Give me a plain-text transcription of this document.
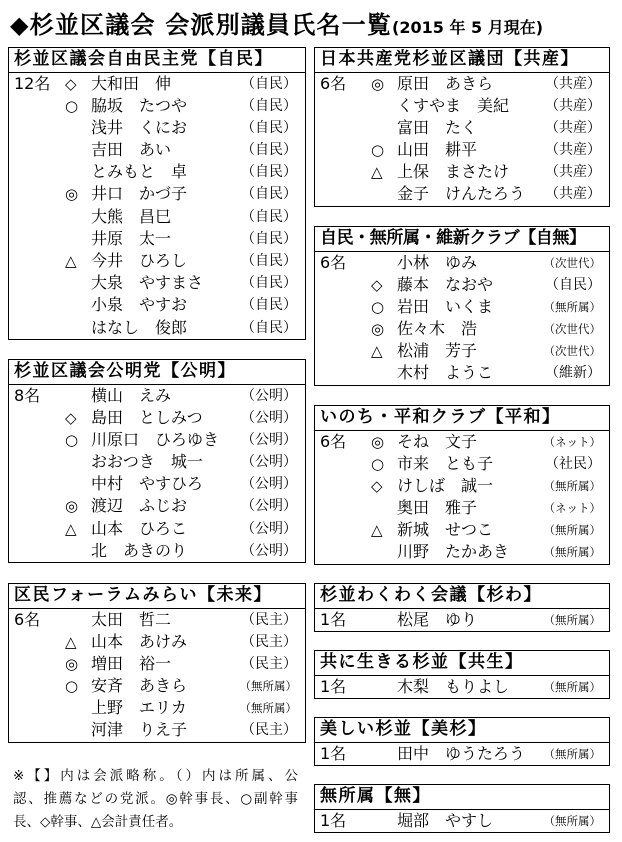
◆杉並区議会 会派別議員氏名一覧(2015 年 5 月現在)
杉並区議会自由民主党【自民】
12名 ◇ 大和田　伸	（自民）
○ 脇坂　たつや	（自民）
浅井　くにお	（自民）
吉田　あい	（自民）
とみもと　卓	（自民）
◎ 井口　かづ子	（自民）
大熊　昌巳	（自民）
井原　太一	（自民）
△ 今井　ひろし	（自民）
大泉　やすまさ	（自民）
小泉　やすお	（自民）
はなし　俊郎	（自民）
杉並区議会公明党【公明】
8名	横山　えみ	（公明）
◇ 島田　としみつ	（公明）
○ 川原口　ひろゆき （公明）
おおつき　城一	（公明）
中村　やすひろ	（公明）
◎ 渡辺　ふじお	（公明）
△ 山本　ひろこ	（公明）
北　あきのり	（公明）
区民フォーラムみらい【未来】
6名	太田　哲二	（民主）
△ 山本　あけみ	（民主）
◎ 増田　裕一	（民主）
○ 安斉　あきら	（無所属）
上野　エリカ	（無所属）
河津　りえ子	（民主）
日本共産党杉並区議団【共産】
6名 ◎ 原田　あきら	（共産）
くすやま　美紀	（共産）
富田　たく	（共産）
○ 山田　耕平	（共産）
△ 上保　まさたけ	（共産）
金子　けんたろう （共産）
自民・無所属・維新クラブ【自無】
6名	小林　ゆみ	（次世代）
◇ 藤本　なおや	（自民）
○ 岩田　いくま	（無所属）
◎ 佐々木　浩	（次世代）
△ 松浦　芳子	（次世代）
木村　ようこ	（維新）
いのち・平和クラブ【平和】
6名 ◎ そね　文子	（ネット）
○ 市来　とも子	（社民）
◇ けしば　誠一	（無所属）
奥田　雅子	（ネット）
△ 新城　せつこ	（無所属）
川野　たかあき	（無所属）
杉並わくわく会議【杉わ】
1名	松尾　ゆり	（無所属）
共に生きる杉並【共生】
1名	木梨　もりよし	（無所属）
美しい杉並【美杉】
1名	田中　ゆうたろう （無所属）
無所属【無】
1名	堀部　やすし	（無所属）
※【】内は会派略称。（）内は所属、公
認、推薦などの党派。◎幹事長、○副幹事
長、◇幹事、△会計責任者。
